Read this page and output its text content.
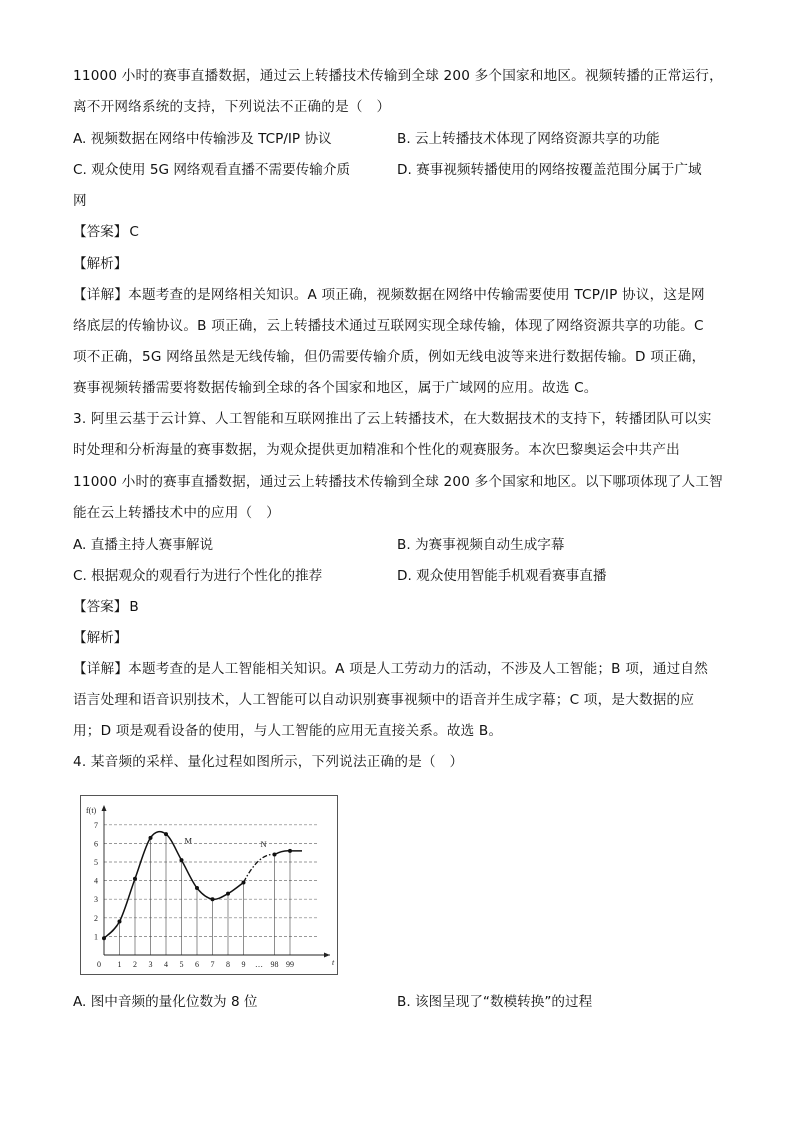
11000 小时的赛事直播数据，通过云上转播技术传输到全球 200 多个国家和地区。视频转播的正常运行，
离不开网络系统的支持，下列说法不正确的是（　）
A. 视频数据在网络中传输涉及 TCP/IP 协议	B. 云上转播技术体现了网络资源共享的功能
C. 观众使用 5G 网络观看直播不需要传输介质	D. 赛事视频转播使用的网络按覆盖范围分属于广域
网
【答案】 C
【解析】
【详解】本题考查的是网络相关知识。A 项正确，视频数据在网络中传输需要使用 TCP/IP 协议，这是网
络底层的传输协议。B 项正确，云上转播技术通过互联网实现全球传输，体现了网络资源共享的功能。C
项不正确，5G 网络虽然是无线传输，但仍需要传输介质，例如无线电波等来进行数据传输。D 项正确，
赛事视频转播需要将数据传输到全球的各个国家和地区，属于广域网的应用。故选 C。
3. 阿里云基于云计算、人工智能和互联网推出了云上转播技术，在大数据技术的支持下，转播团队可以实
时处理和分析海量的赛事数据，为观众提供更加精准和个性化的观赛服务。本次巴黎奥运会中共产出
11000 小时的赛事直播数据，通过云上转播技术传输到全球 200 多个国家和地区。以下哪项体现了人工智
能在云上转播技术中的应用（　）
A. 直播主持人赛事解说	B. 为赛事视频自动生成字幕
C. 根据观众的观看行为进行个性化的推荐	D. 观众使用智能手机观看赛事直播
【答案】 B
【解析】
【详解】本题考查的是人工智能相关知识。A 项是人工劳动力的活动，不涉及人工智能；B 项，通过自然
语言处理和语音识别技术，人工智能可以自动识别赛事视频中的语音并生成字幕；C 项，是大数据的应
用；D 项是观看设备的使用，与人工智能的应用无直接关系。故选 B。
4. 某音频的采样、量化过程如图所示，下列说法正确的是（　）
1
2
3
4
5
6
7
f(t)
t
0 1 2 3 4 5 6 7 8 9 … 98 99
M	N
A. 图中音频的量化位数为 8 位	B. 该图呈现了“数模转换”的过程
